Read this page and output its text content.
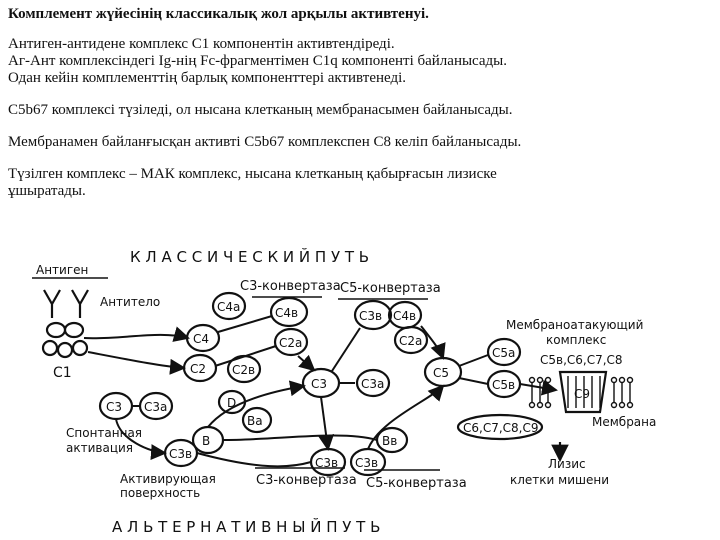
Комплемент жүйесінің классикалық жол арқылы активтенуі.

Антиген-антидене комплекс С1 компонентін активтендіреді.

Аг-Ант комплексіндегі Ig-нің Fc-фрагментімен С1q компоненті байланысады.

Одан кейін комплементтің барлық компоненттері активтенеді.

С5b67 комплексі түзіледі, ол нысана клетканың мембранасымен байланысады.

Мембранамен байланғысқан активті С5b67 комплекспен С8 келіп байланысады.

Түзілген комплекс – МАК комплекс, нысана клетканың қабырғасын лизиске

ұшыратады.

К Л А С С И Ч Е С К И Й П У Т Ь
А Л Ь Т Е Р Н А Т И В Н Ы Й П У Т Ь
Антиген
Антитело
C1
C3-конвертаза C5-конвертаза
C4a	C4в
C2a
C4
C2 C2в
C3	C3a
C3в C4в
C2a
C5
C5a
C5в
Мембраноатакующий
комплекс
C5в,C6,C7,C8
C9
Мембрана
C6,C7,C8,C9
Лизис
клетки мишени
C3 C3a	D
Вa
B
C3в
Вв
C3в C3в
Спонтанная
активация
Активирующая
поверхность
C3-конвертаза C5-конвертаза
